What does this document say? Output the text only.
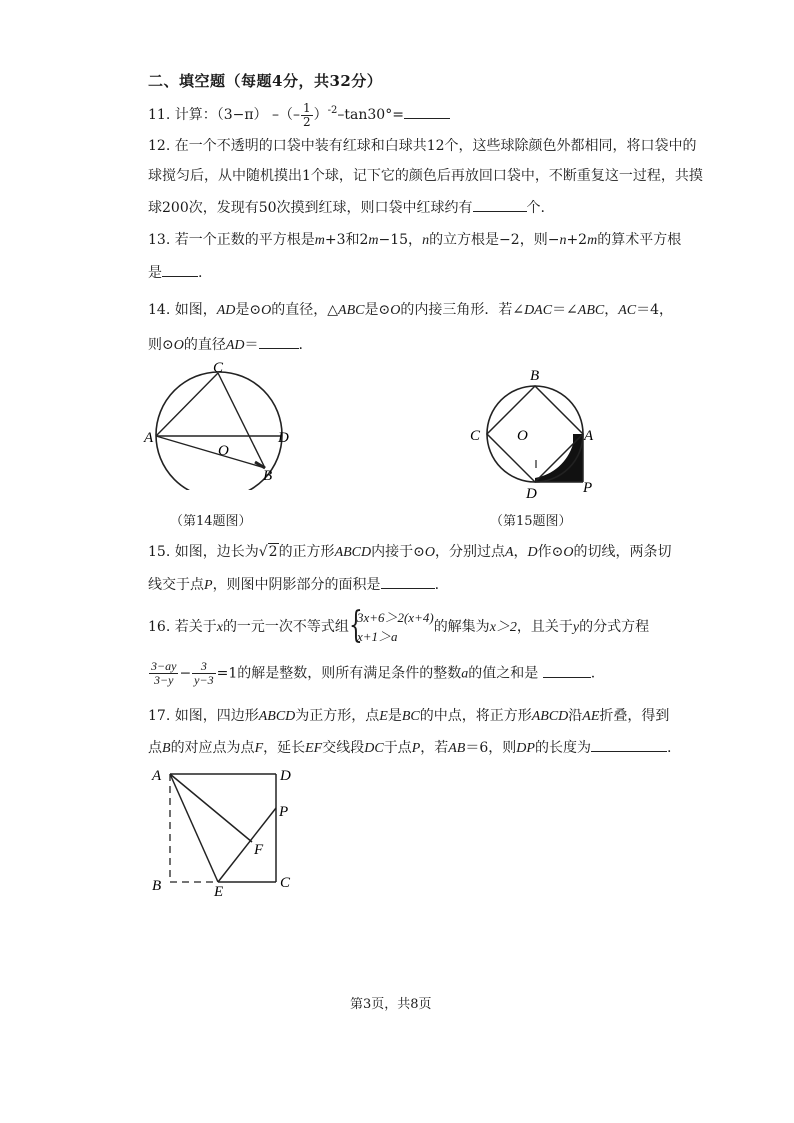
二、填空题（每题4分，共32分）
11. 计算：（3−π） –（– $\frac{1}{2} )^{-2}-\tan 30^\circ=$
12. 在一个不透明的口袋中装有红球和白球共12个，这些球除颜色外都相同，将口袋中的
球搅匀后，从中随机摸出1个球，记下它的颜色后再放回口袋中，不断重复这一过程，共摸
球200次，发现有50次摸到红球，则口袋中红球约有	个.
13. 若一个正数的平方根是m+3和2m−15，n的立方根是−2，则−n+2m的算术平方根
是	.
14. 如图，AD是⊙O的直径，△ABC是⊙O的内接三角形．若∠DAC＝∠ABC，AC＝4，
则⊙O的直径AD＝	.
A
C
D
O
B
（第14题图）
B
C O	A
D	P
（第15题图）
15. 如图，边长为√2的正方形ABCD内接于⊙O，分别过点A，D作⊙O的切线，两条切
线交于点P，则图中阴影部分的面积是	.
16. 若关于x的一元一次不等式组 {
3x+6＞2(x+4)
x+1＞a
的解集为x＞2，且关于y的分式方程
$\frac{3-ay}{3-y} - \frac{3}{y-3} =1$的解是整数，则所有满足条件的整数a的值之和是	.
17. 如图，四边形ABCD为正方形，点E是BC的中点，将正方形ABCD沿AE折叠，得到
点B的对应点为点F，延长EF交线段DC于点P，若AB＝6，则DP的长度为	.
A	D
P
F
B	E
C
第3页，共8页
